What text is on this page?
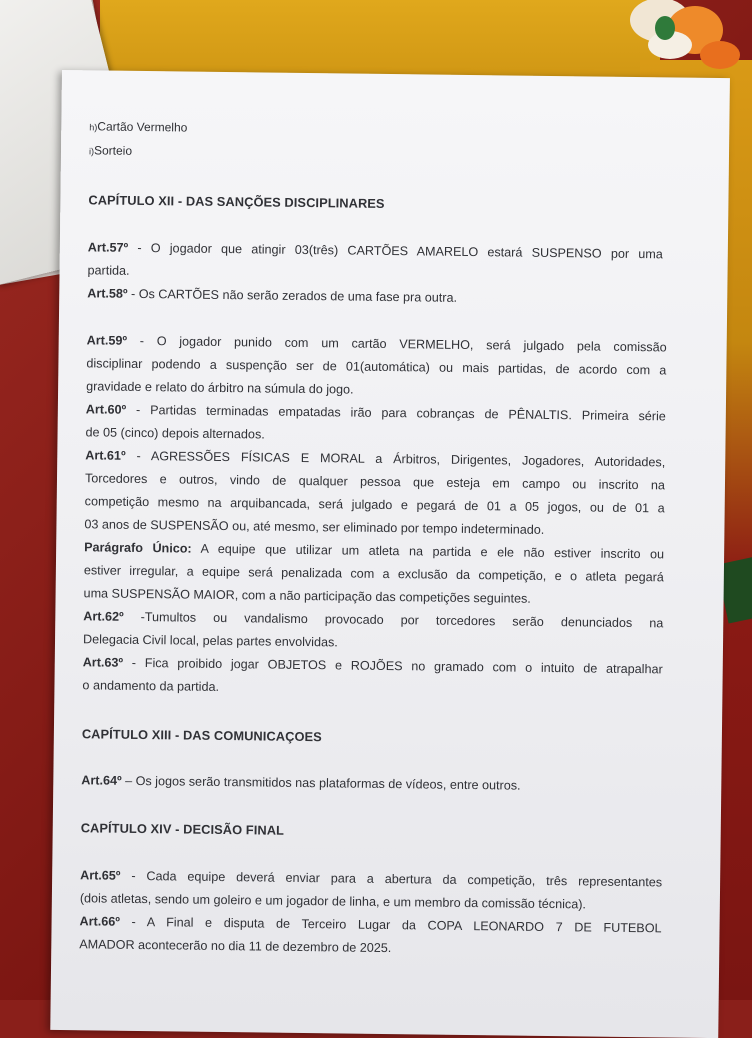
h)Cartão Vermelho
i)Sorteio
CAPÍTULO XII - DAS SANÇÕES DISCIPLINARES
Art.57º - O jogador que atingir 03(três) CARTÕES AMARELO estará SUSPENSO por uma
partida.
Art.58º - Os CARTÕES não serão zerados de uma fase pra outra.
Art.59º - O jogador punido com um cartão VERMELHO, será julgado pela comissão
disciplinar podendo a suspenção ser de 01(automática) ou mais partidas, de acordo com a
gravidade e relato do árbitro na súmula do jogo.
Art.60º - Partidas terminadas empatadas irão para cobranças de PÊNALTIS. Primeira série
de 05 (cinco) depois alternados.
Art.61º - AGRESSÕES FÍSICAS E MORAL a Árbitros, Dirigentes, Jogadores, Autoridades,
Torcedores e outros, vindo de qualquer pessoa que esteja em campo ou inscrito na
competição mesmo na arquibancada, será julgado e pegará de 01 a 05 jogos, ou de 01 a
03 anos de SUSPENSÃO ou, até mesmo, ser eliminado por tempo indeterminado.
Parágrafo Único: A equipe que utilizar um atleta na partida e ele não estiver inscrito ou
estiver irregular, a equipe será penalizada com a exclusão da competição, e o atleta pegará
uma SUSPENSÃO MAIOR, com a não participação das competições seguintes.
Art.62º -Tumultos ou vandalismo provocado por torcedores serão denunciados na
Delegacia Civil local, pelas partes envolvidas.
Art.63º - Fica proibido jogar OBJETOS e ROJÕES no gramado com o intuito de atrapalhar
o andamento da partida.
CAPÍTULO XIII - DAS COMUNICAÇOES
Art.64º – Os jogos serão transmitidos nas plataformas de vídeos, entre outros.
CAPÍTULO XIV - DECISÃO FINAL
Art.65º - Cada equipe deverá enviar para a abertura da competição, três representantes
(dois atletas, sendo um goleiro e um jogador de linha, e um membro da comissão técnica).
Art.66º - A Final e disputa de Terceiro Lugar da COPA LEONARDO 7 DE FUTEBOL
AMADOR acontecerão no dia 11 de dezembro de 2025.
